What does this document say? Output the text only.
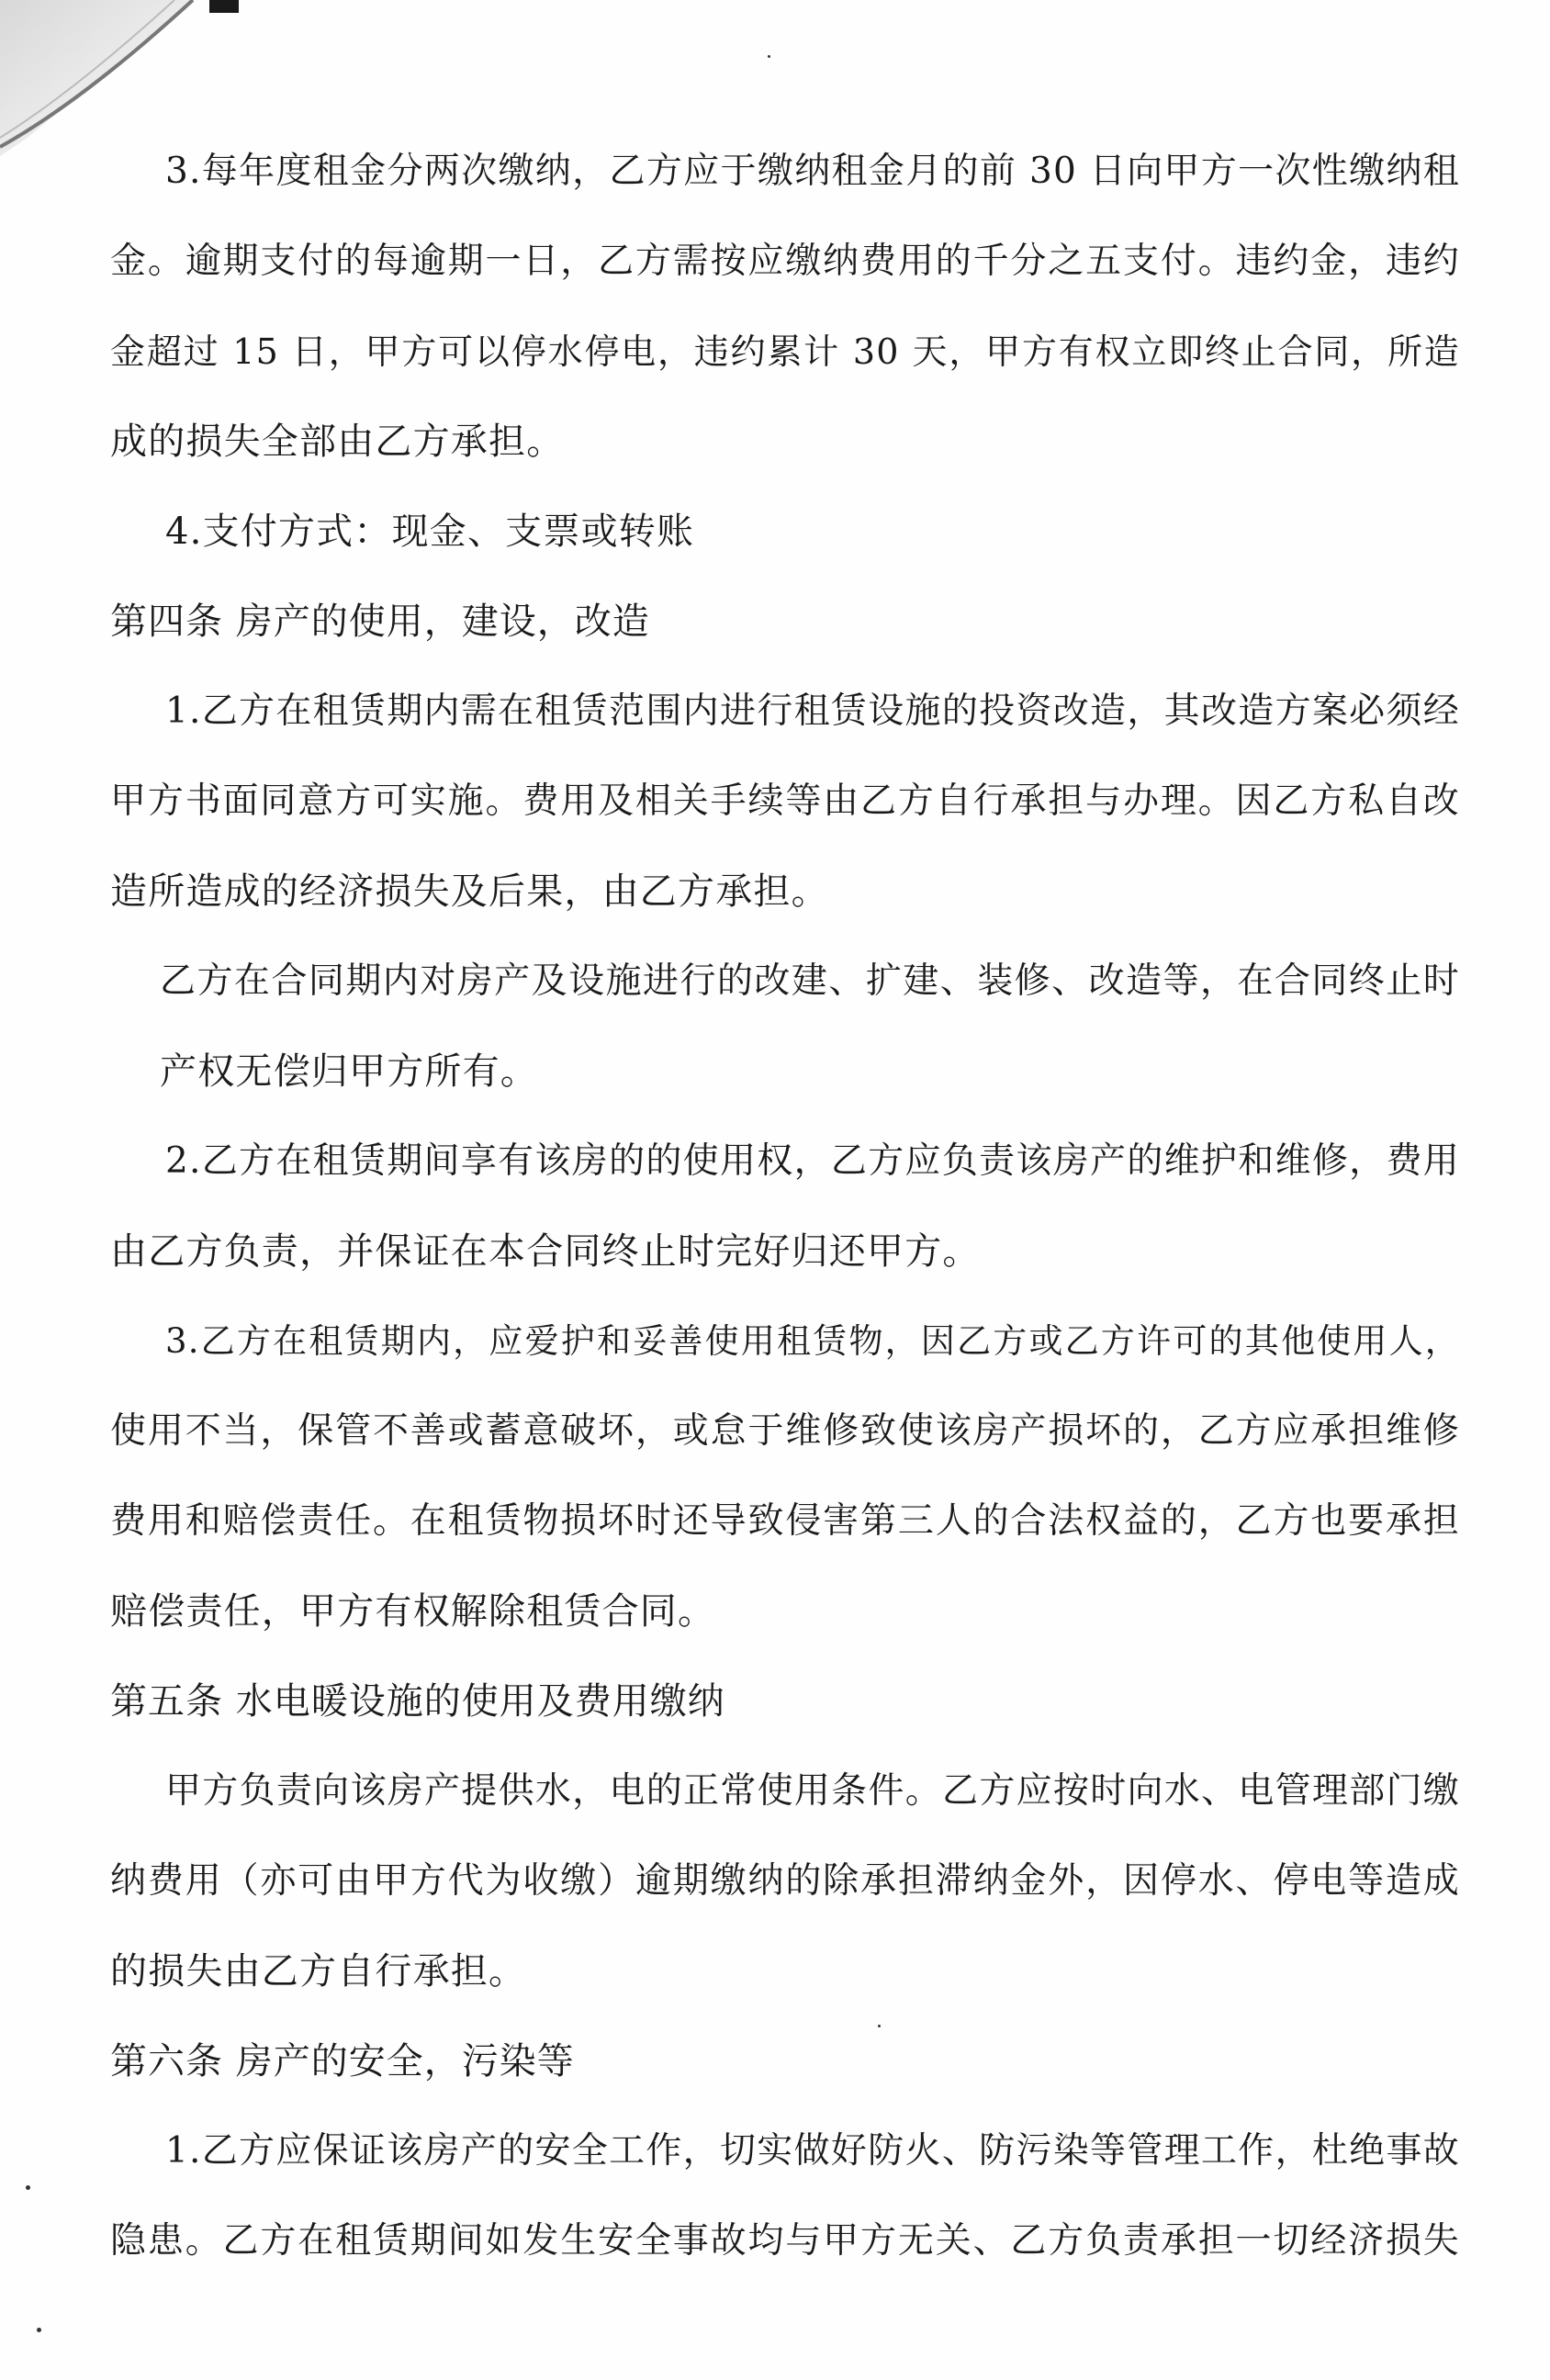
3.每年度租金分两次缴纳，乙方应于缴纳租金月的前 30 日向甲方一次性缴纳租
金。逾期支付的每逾期一日，乙方需按应缴纳费用的千分之五支付。违约金，违约
金超过 15 日，甲方可以停水停电，违约累计 30 天，甲方有权立即终止合同，所造
成的损失全部由乙方承担。
4.支付方式：现金、支票或转账
第四条 房产的使用，建设，改造
1.乙方在租赁期内需在租赁范围内进行租赁设施的投资改造，其改造方案必须经
甲方书面同意方可实施。费用及相关手续等由乙方自行承担与办理。因乙方私自改
造所造成的经济损失及后果，由乙方承担。
乙方在合同期内对房产及设施进行的改建、扩建、装修、改造等，在合同终止时
产权无偿归甲方所有。
2.乙方在租赁期间享有该房的的使用权，乙方应负责该房产的维护和维修，费用
由乙方负责，并保证在本合同终止时完好归还甲方。
3.乙方在租赁期内，应爱护和妥善使用租赁物，因乙方或乙方许可的其他使用人，
使用不当，保管不善或蓄意破坏，或怠于维修致使该房产损坏的，乙方应承担维修
费用和赔偿责任。在租赁物损坏时还导致侵害第三人的合法权益的，乙方也要承担
赔偿责任，甲方有权解除租赁合同。
第五条 水电暖设施的使用及费用缴纳
甲方负责向该房产提供水，电的正常使用条件。乙方应按时向水、电管理部门缴
纳费用（亦可由甲方代为收缴）逾期缴纳的除承担滞纳金外，因停水、停电等造成
的损失由乙方自行承担。
第六条 房产的安全，污染等
1.乙方应保证该房产的安全工作，切实做好防火、防污染等管理工作，杜绝事故
隐患。乙方在租赁期间如发生安全事故均与甲方无关、乙方负责承担一切经济损失
